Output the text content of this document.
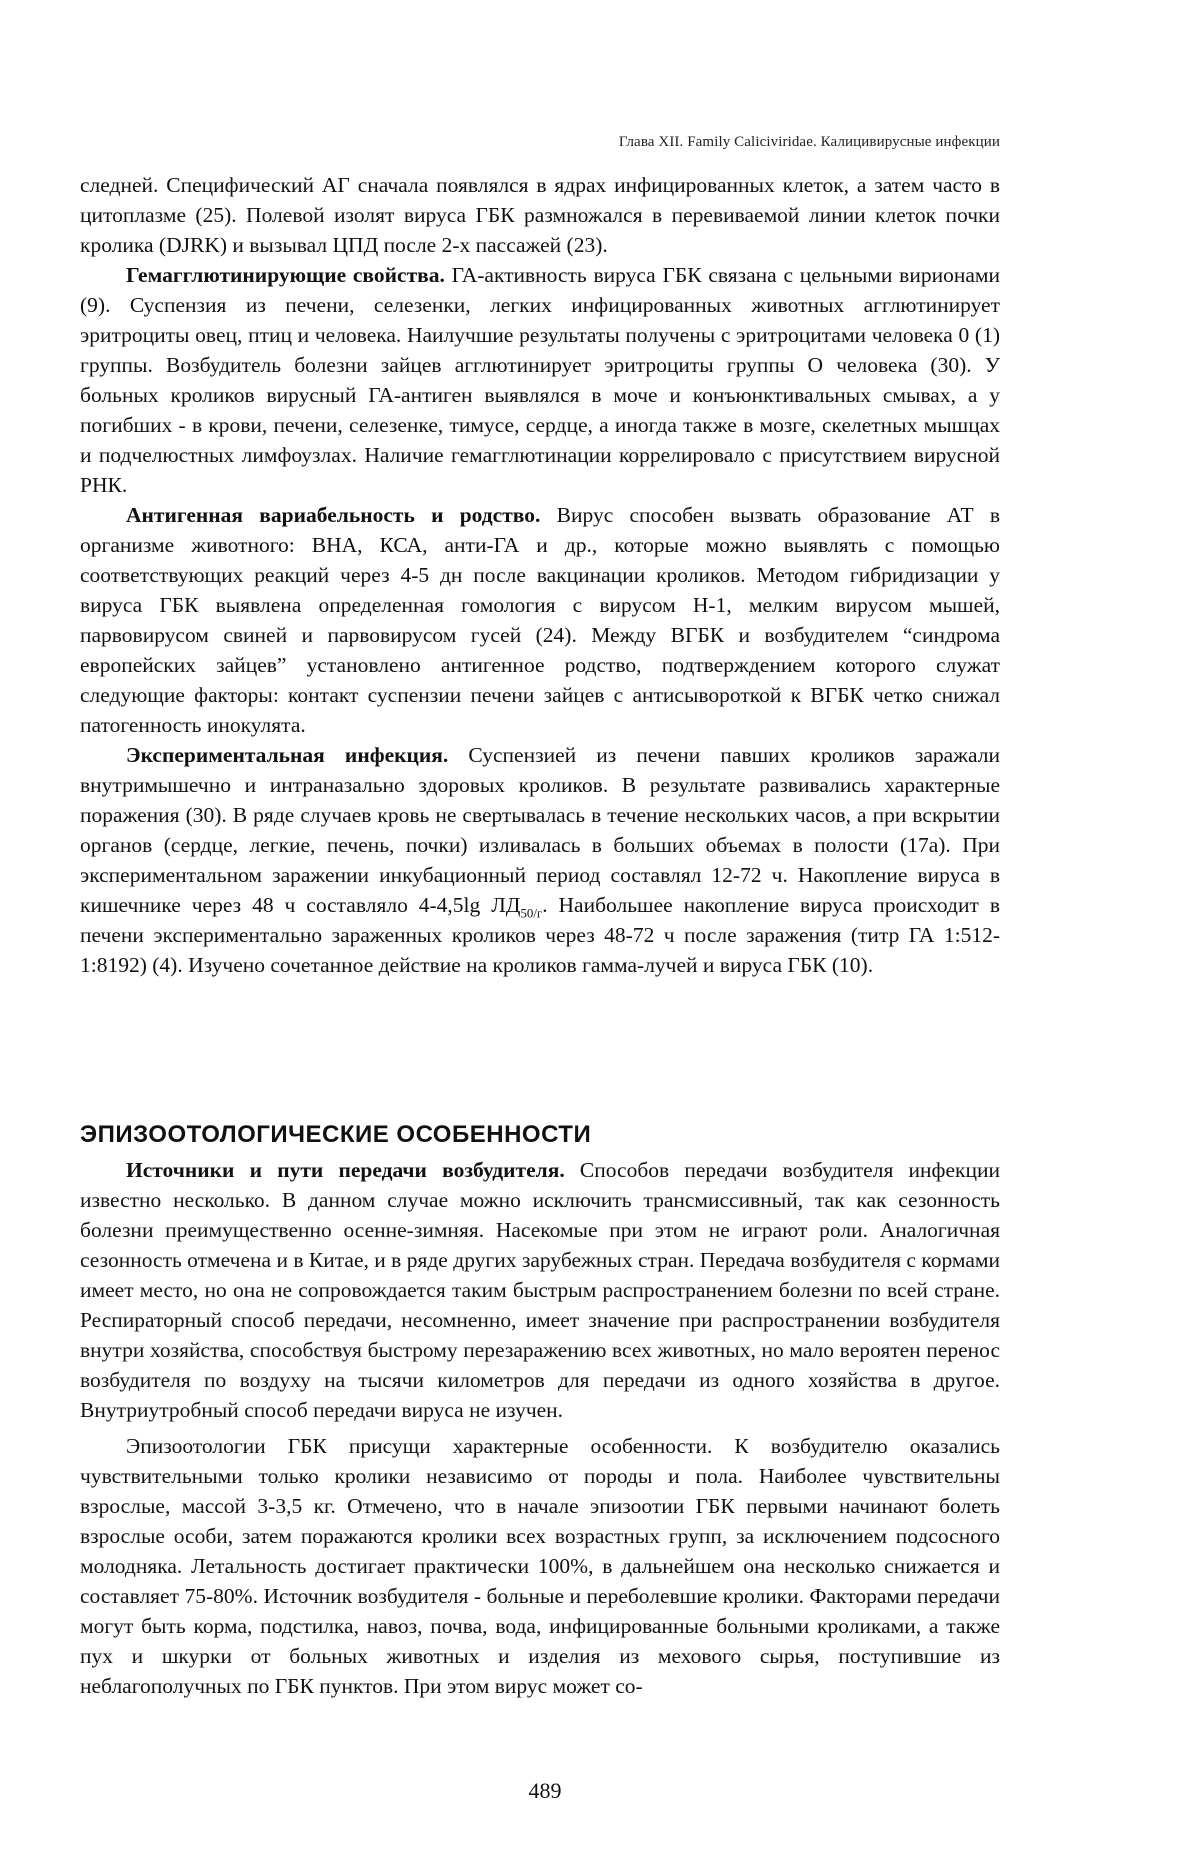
Глава XII. Family Caliciviridae. Калицивирусные инфекции

следней. Специфический АГ сначала появлялся в ядрах инфицированных клеток, а затем часто в цитоплазме (25). Полевой изолят вируса ГБК размножался в перевиваемой линии клеток почки кролика (DJRK) и вызывал ЦПД после 2-х пассажей (23).

Гемагглютинирующие свойства. ГА-активность вируса ГБК связана с цельными вирионами (9). Суспензия из печени, селезенки, легких инфицированных животных агглютинирует эритроциты овец, птиц и человека. Наилучшие результаты получены с эритроцитами человека 0 (1) группы. Возбудитель болезни зайцев агглютинирует эритроциты группы О человека (30). У больных кроликов вирусный ГА-антиген выявлялся в моче и конъюнктивальных смывах, а у погибших - в крови, печени, селезенке, тимусе, сердце, а иногда также в мозге, скелетных мышцах и подчелюстных лимфоузлах. Наличие гемагглютинации коррелировало с присутствием вирусной РНК.

Антигенная вариабельность и родство. Вирус способен вызвать образование АТ в организме животного: ВНА, КСА, анти-ГА и др., которые можно выявлять с помощью соответствующих реакций через 4-5 дн после вакцинации кроликов. Методом гибридизации у вируса ГБК выявлена определенная гомология с вирусом Н-1, мелким вирусом мышей, парвовирусом свиней и парвовирусом гусей (24). Между ВГБК и возбудителем “синдрома европейских зайцев” установлено антигенное родство, подтверждением которого служат следующие факторы: контакт суспензии печени зайцев с антисывороткой к ВГБК четко снижал патогенность инокулята.

Экспериментальная инфекция. Суспензией из печени павших кроликов заражали внутримышечно и интраназально здоровых кроликов. В результате развивались характерные поражения (30). В ряде случаев кровь не свертывалась в течение нескольких часов, а при вскрытии органов (сердце, легкие, печень, почки) изливалась в больших объемах в полости (17а). При экспериментальном заражении инкубационный период составлял 12-72 ч. Накопление вируса в кишечнике через 48 ч составляло 4-4,5lg $ЛД_{50/г}$. Наибольшее накопление вируса происходит в печени экспериментально зараженных кроликов через 48-72 ч после заражения (титр ГА 1:512-1:8192) (4). Изучено сочетанное действие на кроликов гамма-лучей и вируса ГБК (10).

ЭПИЗООТОЛОГИЧЕСКИЕ ОСОБЕННОСТИ

Источники и пути передачи возбудителя. Способов передачи возбудителя инфекции известно несколько. В данном случае можно исключить трансмиссивный, так как сезонность болезни преимущественно осенне-зимняя. Насекомые при этом не играют роли. Аналогичная сезонность отмечена и в Китае, и в ряде других зарубежных стран. Передача возбудителя с кормами имеет место, но она не сопровождается таким быстрым распространением болезни по всей стране. Респираторный способ передачи, несомненно, имеет значение при распространении возбудителя внутри хозяйства, способствуя быстрому перезаражению всех животных, но мало вероятен перенос возбудителя по воздуху на тысячи километров для передачи из одного хозяйства в другое. Внутриутробный способ передачи вируса не изучен.

Эпизоотологии ГБК присущи характерные особенности. К возбудителю оказались чувствительными только кролики независимо от породы и пола. Наиболее чувствительны взрослые, массой 3-3,5 кг. Отмечено, что в начале эпизоотии ГБК первыми начинают болеть взрослые особи, затем поражаются кролики всех возрастных групп, за исключением подсосного молодняка. Летальность достигает практически 100%, в дальнейшем она несколько снижается и составляет 75-80%. Источник возбудителя - больные и переболевшие кролики. Факторами передачи могут быть корма, подстилка, навоз, почва, вода, инфицированные больными кроликами, а также пух и шкурки от больных животных и изделия из мехового сырья, поступившие из неблагополучных по ГБК пунктов. При этом вирус может со-

489
